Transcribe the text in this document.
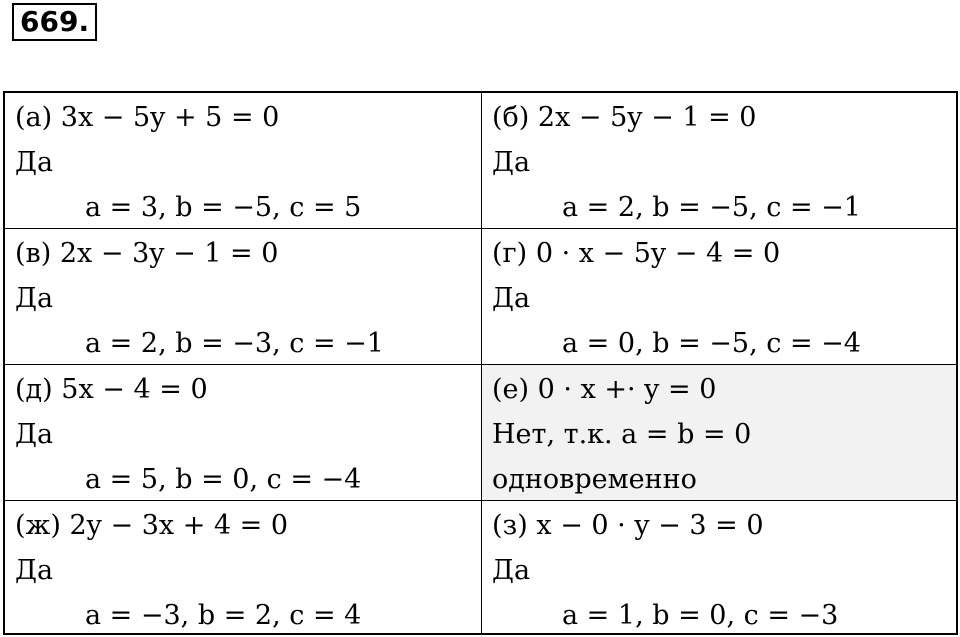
669.
(а) 3x − 5y + 5 = 0
Да
a = 3, b = −5, c = 5
(б) 2x − 5y − 1 = 0
Да
a = 2, b = −5, c = −1
(в) 2x − 3y − 1 = 0
Да
a = 2, b = −3, c = −1
(г) 0 · x − 5y − 4 = 0
Да
a = 0, b = −5, c = −4
(д) 5x − 4 = 0
Да
a = 5, b = 0, c = −4
(е) 0 · x +· y = 0
Нет, т.к. a = b = 0
одновременно
(ж) 2y − 3x + 4 = 0
Да
a = −3, b = 2, c = 4
(з) x − 0 · y − 3 = 0
Да
a = 1, b = 0, c = −3
